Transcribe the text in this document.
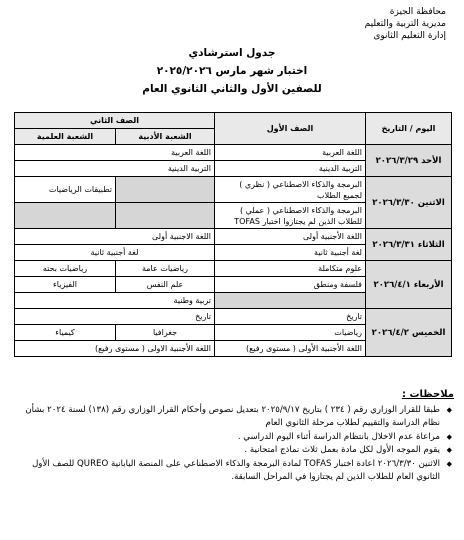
محافظة الجيزة
مديرية التربية والتعليم
إدارة التعليم الثانوى
جدول استرشادي
اختبار شهر مارس ٢٠٢٥/٢٠٢٦
للصفين الأول والثاني الثانوي العام
اليوم / التاريخ	الصف الأول	الصف الثاني	
		الشعبة الأدبية	الشعبة العلمية
الأحد ٢٠٢٦/٣/٢٩	اللغة العربية	اللغة العربية	
	التربية الدينية	التربية الدينية	
الاثنين ٢٠٢٦/٣/٣٠	البرمجة والذكاء الاصطناعي ( نظري ) لجميع الطلاب		تطبيقات الرياضيات
	البرمجة والذكاء الاصطناعي ( عملي ) للطلاب الذين لم يجتازوا اختبار TOFAS		
الثلاثاء ٢٠٢٦/٣/٣١	اللغة الأجنبية أولى	اللغة الاجنبية أولى	
	لغة أجنبية ثانية	لغة أجنبية ثانية	
الأربعاء ٢٠٢٦/٤/١	علوم متكاملة	رياضيات عامة	رياضيات بحته
	فلسفة ومنطق	علم النفس	الفيزياء
		تربية وطنية	
الخميس ٢٠٢٦/٤/٢	تاريخ	تاريخ	
	رياضيات	جغرافيا	كيمياء
	اللغة الأجنبية الأولى ( مستوى رفيع)	اللغة الأجنبية الاولى ( مستوى رفيع)	
ملاحظات :
◆ طبقا للقرار الوزاري رقم ( ٢٣٤ ) بتاريخ ٢٠٢٥/٩/١٧ بتعديل نصوص وأحكام القرار الوزاري رقم (١٣٨) لسنة ٢٠٢٤ بشأن نظام الدراسة والتقييم لطلاب مرحلة الثانوي العام
◆ مراعاة عدم الاخلال بانتظام الدراسة أثناء اليوم الدراسي .
◆ يقوم الموجه الأول لكل مادة بعمل ثلاث نماذج امتحانية .
◆ الاثنين ٢٠٢٦/٣/٣٠ اعادة اختبار TOFAS لمادة البرمجة والذكاء الاصطناعي على المنصة اليابانية QUREO للصف الأول الثانوي العام للطلاب الذين لم يجتازوا في المراحل السابقة.
